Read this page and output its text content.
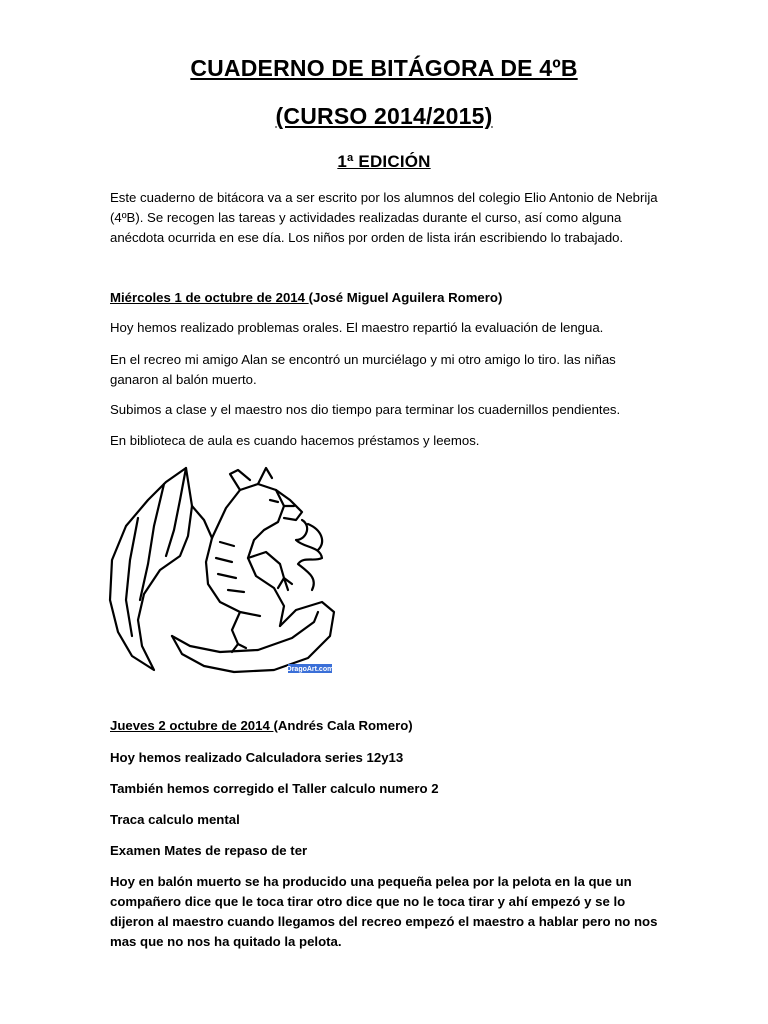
CUADERNO DE BITÁGORA DE 4ºB
(CURSO 2014/2015)
1ª EDICIÓN
Este cuaderno de bitácora va a ser escrito por los alumnos del colegio Elio Antonio de Nebrija (4ºB). Se recogen las tareas y actividades realizadas durante el curso, así como alguna anécdota ocurrida en ese día. Los niños por orden de lista irán escribiendo lo trabajado.
Miércoles 1 de octubre de 2014 (José Miguel Aguilera Romero)
Hoy hemos realizado problemas orales. El maestro repartió la evaluación de lengua.
En el recreo mi amigo Alan se encontró un murciélago y mi otro amigo lo tiro. las niñas ganaron al balón muerto.
Subimos a clase y el maestro nos dio tiempo para terminar los cuadernillos pendientes.
En biblioteca de aula es cuando hacemos préstamos y leemos.
DragoArt.com
Jueves 2 octubre de 2014 (Andrés Cala Romero)
Hoy hemos realizado Calculadora series 12y13
También hemos corregido el Taller calculo numero 2
Traca calculo mental
Examen Mates de repaso de ter
Hoy en balón muerto se ha producido una pequeña pelea por la pelota en la que un compañero dice que le toca tirar otro dice que no le toca tirar y ahí empezó y se lo dijeron al maestro cuando llegamos del recreo empezó el maestro a hablar pero no nos mas que no nos ha quitado la pelota.
